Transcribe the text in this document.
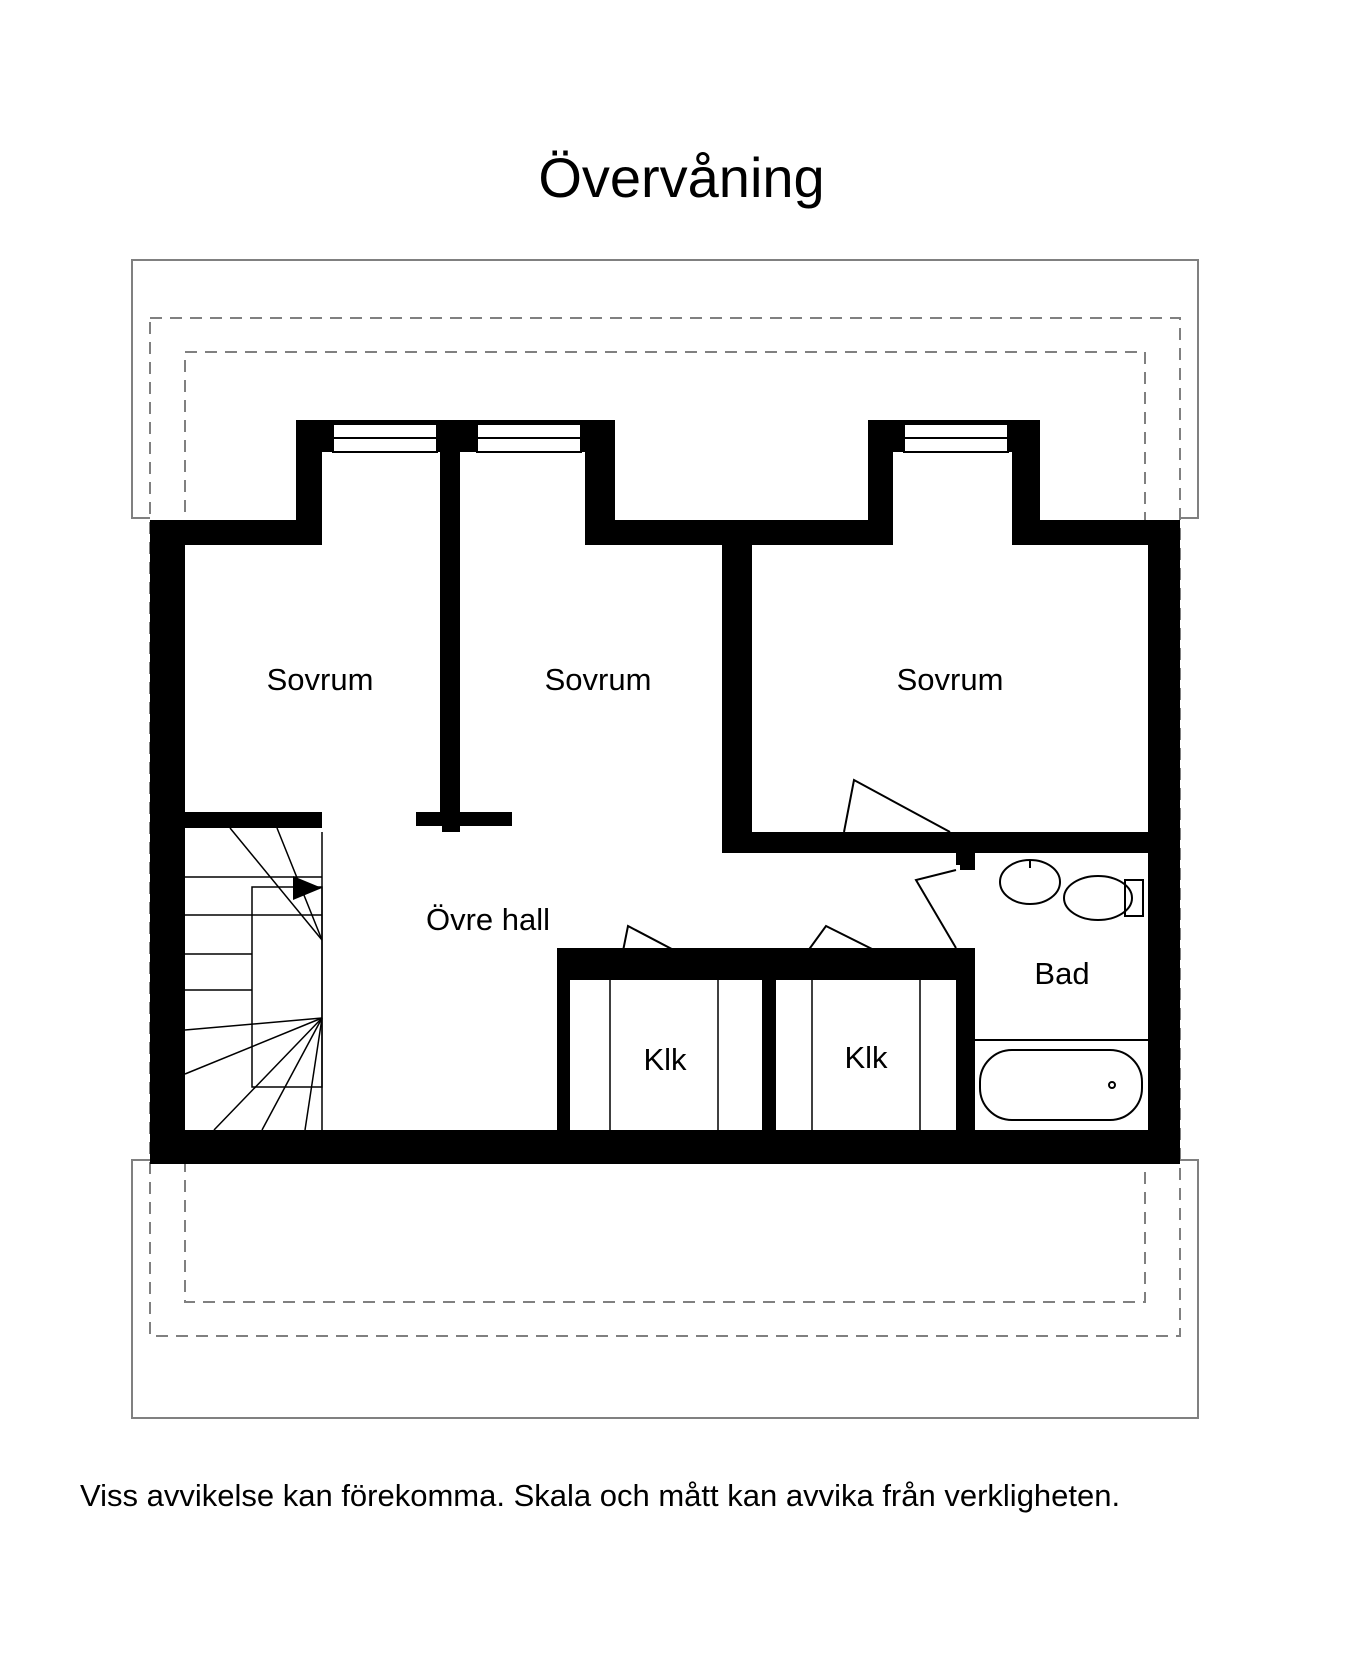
Övervåning
Sovrum	Sovrum	Sovrum
Övre hall
Klk	Klk
Bad
Viss avvikelse kan förekomma. Skala och mått kan avvika från verkligheten.
